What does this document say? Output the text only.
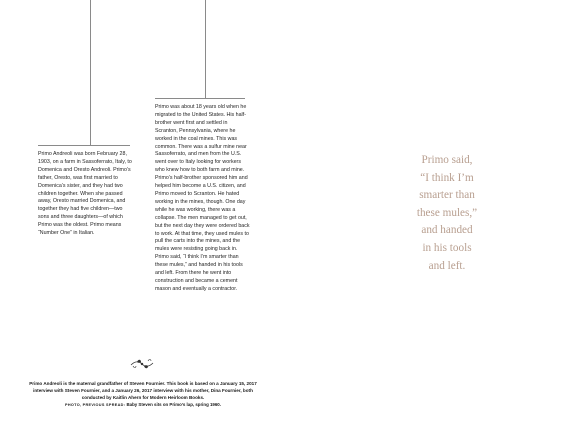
Primo Andreoli was born February 28, 1903, on a farm in Sassoferrato, Italy, to Domenica and Oresto Andreoli. Primo’s father, Oresto, was first married to Domenica’s sister, and they had two children together. When she passed away, Oresto married Domenica, and together they had five children—two sons and three daughters—of which Primo was the oldest. Primo means “Number One” in Italian.

Primo was about 18 years old when he migrated to the United States. His half-brother went first and settled in Scranton, Pennsylvania, where he worked in the coal mines. This was common. There was a sulfur mine near Sassoferrato, and men from the U.S. went over to Italy looking for workers who knew how to both farm and mine. Primo’s half-brother sponsored him and helped him become a U.S. citizen, and Primo moved to Scranton. He hated working in the mines, though. One day while he was working, there was a collapse. The men managed to get out, but the next day they were ordered back to work. At that time, they used mules to pull the carts into the mines, and the mules were resisting going back in. Primo said, “I think I’m smarter than these mules,” and handed in his tools and left. From there he went into construction and became a cement mason and eventually a contractor.

Primo said,
“I think I’m
smarter than
these mules,”
and handed
in his tools
and left.

Primo Andreoli is the maternal grandfather of Steven Fournier. This book is based on a January 15, 2017 interview with Steven Fournier, and a January 26, 2017 interview with his mother, Dina Fournier, both conducted by Kaitlin Ahern for Modern Heirloom Books.

PHOTO, PREVIOUS SPREAD: Baby Steven sits on Primo’s lap, spring 1960.
